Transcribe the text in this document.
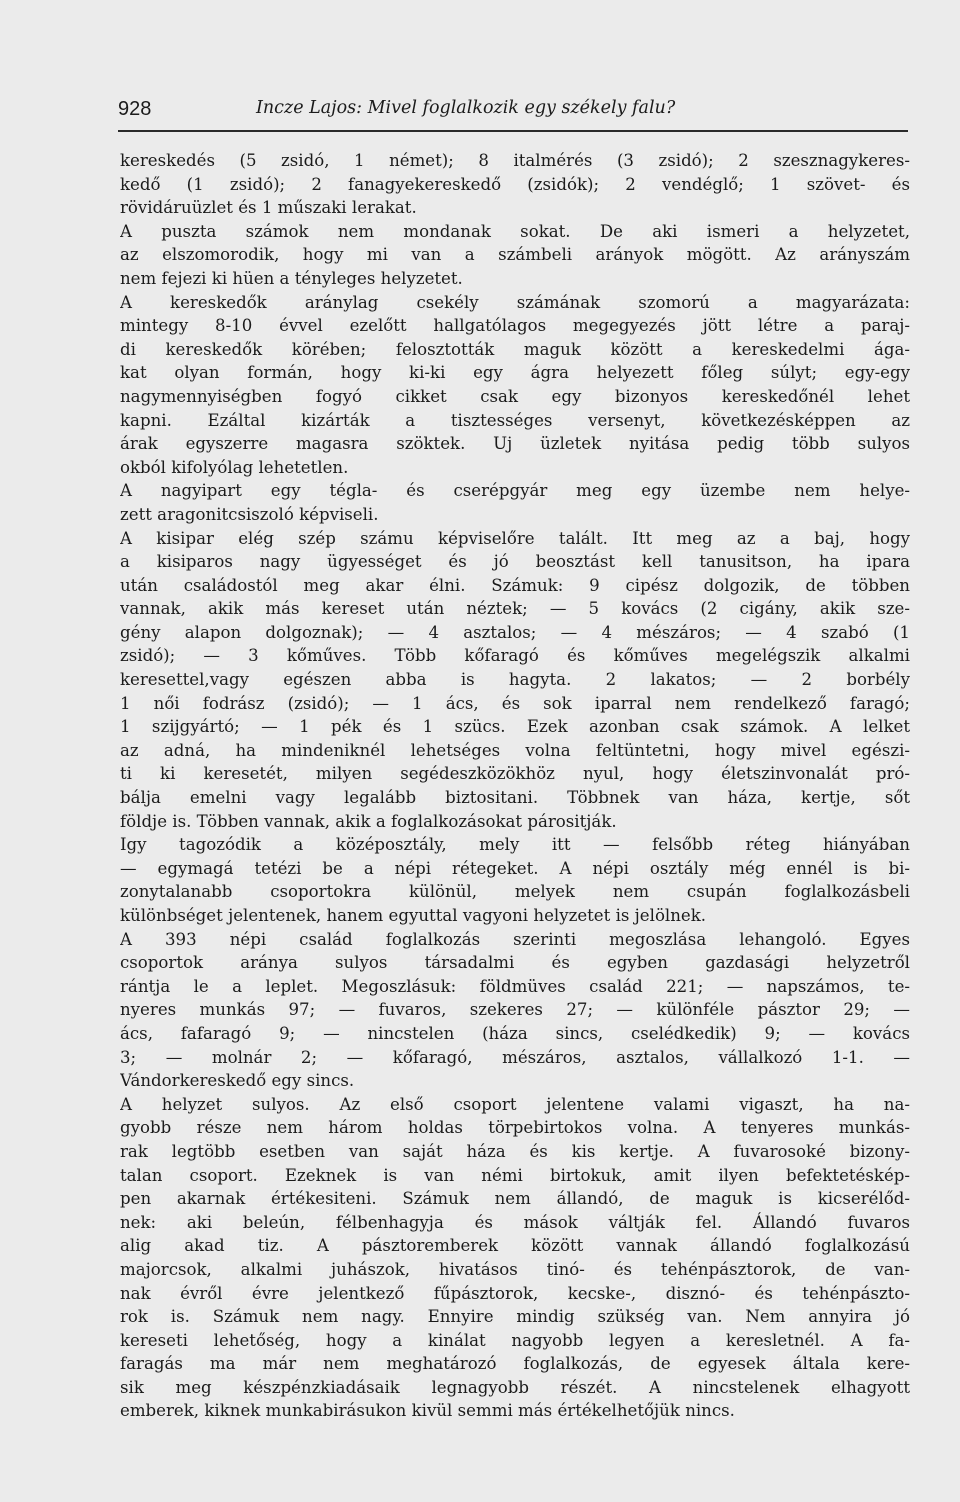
928	Incze Lajos: Mivel foglalkozik egy székely falu?
kereskedés (5 zsidó, 1 német); 8 italmérés (3 zsidó); 2 szesznagykeres-
kedő (1 zsidó); 2 fanagyekereskedő (zsidók); 2 vendéglő; 1 szövet- és
rövidáruüzlet és 1 műszaki lerakat.
A puszta számok nem mondanak sokat. De aki ismeri a helyzetet,
az elszomorodik, hogy mi van a számbeli arányok mögött. Az arányszám
nem fejezi ki hüen a tényleges helyzetet.
A kereskedők aránylag csekély számának szomorú a magyarázata:
mintegy 8-10 évvel ezelőtt hallgatólagos megegyezés jött létre a paraj-
di kereskedők körében; felosztották maguk között a kereskedelmi ága-
kat olyan formán, hogy ki-ki egy ágra helyezett főleg súlyt; egy-egy
nagymennyiségben fogyó cikket csak egy bizonyos kereskedőnél lehet
kapni. Ezáltal kizárták a tisztességes versenyt, következésképpen az
árak egyszerre magasra szöktek. Uj üzletek nyitása pedig több sulyos
okból kifolyólag lehetetlen.
A nagyipart egy tégla- és cserépgyár meg egy üzembe nem helye-
zett aragonitcsiszoló képviseli.
A kisipar elég szép számu képviselőre talált. Itt meg az a baj, hogy
a kisiparos nagy ügyességet és jó beosztást kell tanusitson, ha ipara
után családostól meg akar élni. Számuk: 9 cipész dolgozik, de többen
vannak, akik más kereset után néztek; — 5 kovács (2 cigány, akik sze-
gény alapon dolgoznak); — 4 asztalos; — 4 mészáros; — 4 szabó (1
zsidó); — 3 kőműves. Több kőfaragó és kőműves megelégszik alkalmi
keresettel,vagy egészen abba is hagyta. 2 lakatos; — 2 borbély
1 női fodrász (zsidó); — 1 ács, és sok iparral nem rendelkező faragó;
1 szijgyártó; — 1 pék és 1 szücs. Ezek azonban csak számok. A lelket
az adná, ha mindeniknél lehetséges volna feltüntetni, hogy mivel egészi-
ti ki keresetét, milyen segédeszközökhöz nyul, hogy életszinvonalát pró-
bálja emelni vagy legalább biztositani. Többnek van háza, kertje, sőt
földje is. Többen vannak, akik a foglalkozásokat párositják.
Igy tagozódik a középosztály, mely itt — felsőbb réteg hiányában
— egymagá tetézi be a népi rétegeket. A népi osztály még ennél is bi-
zonytalanabb csoportokra különül, melyek nem csupán foglalkozásbeli
különbséget jelentenek, hanem egyuttal vagyoni helyzetet is jelölnek.
A 393 népi család foglalkozás szerinti megoszlása lehangoló. Egyes
csoportok aránya sulyos társadalmi és egyben gazdasági helyzetről
rántja le a leplet. Megoszlásuk: földmüves család 221; — napszámos, te-
nyeres munkás 97; — fuvaros, szekeres 27; — különféle pásztor 29; —
ács, fafaragó 9; — nincstelen (háza sincs, cselédkedik) 9; — kovács
3; — molnár 2; — kőfaragó, mészáros, asztalos, vállalkozó 1-1. —
Vándorkereskedő egy sincs.
A helyzet sulyos. Az első csoport jelentene valami vigaszt, ha na-
gyobb része nem három holdas törpebirtokos volna. A tenyeres munkás-
rak legtöbb esetben van saját háza és kis kertje. A fuvarosoké bizony-
talan csoport. Ezeknek is van némi birtokuk, amit ilyen befektetéskép-
pen akarnak értékesiteni. Számuk nem állandó, de maguk is kicserélőd-
nek: aki beleún, félbenhagyja és mások váltják fel. Állandó fuvaros
alig akad tiz. A pásztoremberek között vannak állandó foglalkozású
majorcsok, alkalmi juhászok, hivatásos tinó- és tehénpásztorok, de van-
nak évről évre jelentkező fűpásztorok, kecske-, disznó- és tehénpászto-
rok is. Számuk nem nagy. Ennyire mindig szükség van. Nem annyira jó
kereseti lehetőség, hogy a kinálat nagyobb legyen a keresletnél. A fa-
faragás ma már nem meghatározó foglalkozás, de egyesek általa kere-
sik meg készpénzkiadásaik legnagyobb részét. A nincstelenek elhagyott
emberek, kiknek munkabirásukon kivül semmi más értékelhetőjük nincs.
